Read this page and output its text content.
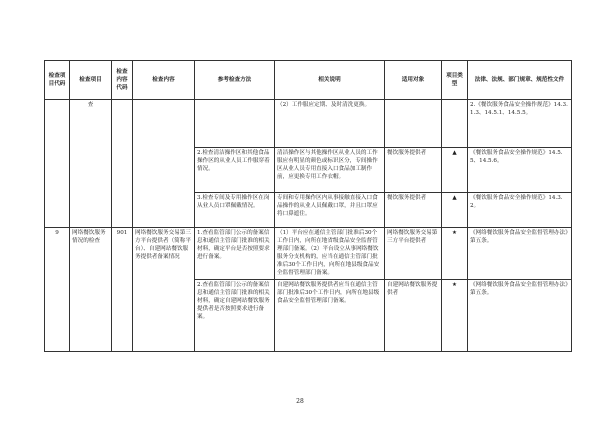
检查项目代码	检查项目	检查内容代码	检查内容	参考检查方法	相关说明	适用对象	项目类型	法律、法规、部门规章、规范性文件
	查				（2）工作服应定期、及时清洗更换。			2.《餐饮服务食品安全操作规范》14.3.1.3、14.5.1、14.5.5。
				2.检查清洁操作区和其他食品操作区的从业人员工作服穿着情况。	清洁操作区与其他操作区从业人员的工作服应有明显的颜色或标识区分，专间操作区从业人员专用直接入口食品加工制作前，应更换专用工作衣帽。	餐饮服务提供者	▲	《餐饮服务食品安全操作规范》14.5.5、14.5.6。
				3.检查专间及专用操作区在岗从业人员口罩佩戴情况。	专间和专用操作区内从事接触直接入口食品操作的从业人员佩戴口罩，并且口罩应将口鼻遮住。	餐饮服务提供者	▲	《餐饮服务食品安全操作规范》14.3.2。
9	网络餐饮服务情况的检查	901	网络餐饮服务交易第三方平台提供者（简称平台）、自建网站餐饮服务提供者备案情况	1.查看监管部门公示的备案信息和通信主管部门批准的相关材料，确定平台是否按照要求进行备案。	（1）平台应在通信主管部门批准后30个工作日内，向所在地省级食品安全监督管理部门备案。（2）平台设立从事网络餐饮服务分支机构的，应当在通信主管部门批准后30个工作日内，向所在地县级食品安全监督管理部门备案。	网络餐饮服务交易第三方平台提供者	★	《网络餐饮服务食品安全监督管理办法》第五条。
				2.查看监管部门公示的备案信息和通信主管部门批准的相关材料，确定自建网站餐饮服务提供者是否按照要求进行备案。	自建网站餐饮服务提供者应当在通信主管部门批准后30个工作日内，向所在地县级食品安全监督管理部门备案。	自建网站餐饮服务提供者	★	《网络餐饮服务食品安全监督管理办法》第五条。
28
